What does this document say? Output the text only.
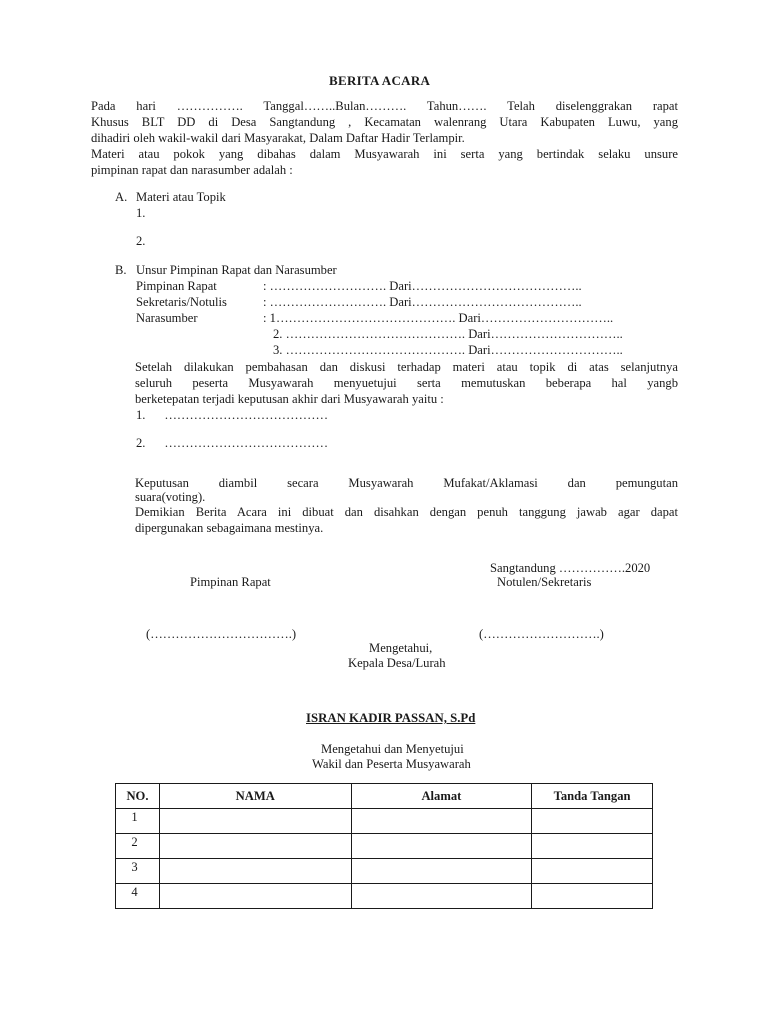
BERITA ACARA
Pada hari ……………. Tanggal……..Bulan………. Tahun……. Telah diselenggrakan rapat
Khusus BLT DD di Desa Sangtandung , Kecamatan walenrang Utara Kabupaten Luwu, yang
dihadiri oleh wakil-wakil dari Masyarakat, Dalam Daftar Hadir Terlampir.
Materi atau pokok yang dibahas dalam Musyawarah ini serta yang bertindak selaku unsure
pimpinan rapat dan narasumber adalah :
A. Materi atau Topik
1.
2.
B. Unsur Pimpinan Rapat dan Narasumber
Pimpinan Rapat	: ………………………. Dari…………………………………..
Sekretaris/Notulis	: ………………………. Dari…………………………………..
Narasumber	: 1……………………………………. Dari…………………………..
2. ……………………………………. Dari…………………………..
3. ……………………………………. Dari…………………………..
Setelah dilakukan pembahasan dan diskusi terhadap materi atau topik di atas selanjutnya
seluruh peserta Musyawarah menyuetujui serta memutuskan beberapa hal yangb
berketepatan terjadi keputusan akhir dari Musyawarah yaitu :
1.      …………………………………
2.      …………………………………
Keputusan diambil secara Musyawarah Mufakat/Aklamasi dan pemungutan
suara(voting).
Demikian Berita Acara ini dibuat dan disahkan dengan penuh tanggung jawab agar dapat
dipergunakan sebagaimana mestinya.
Sangtandung …………….2020
Pimpinan Rapat	Notulen/Sekretaris
(…………………………….)	(……………………….)
Mengetahui,
Kepala Desa/Lurah
ISRAN KADIR PASSAN, S.Pd
Mengetahui dan Menyetujui
Wakil dan Peserta Musyawarah
NO.	NAMA	Alamat	Tanda Tangan
1			
2			
3			
4			
